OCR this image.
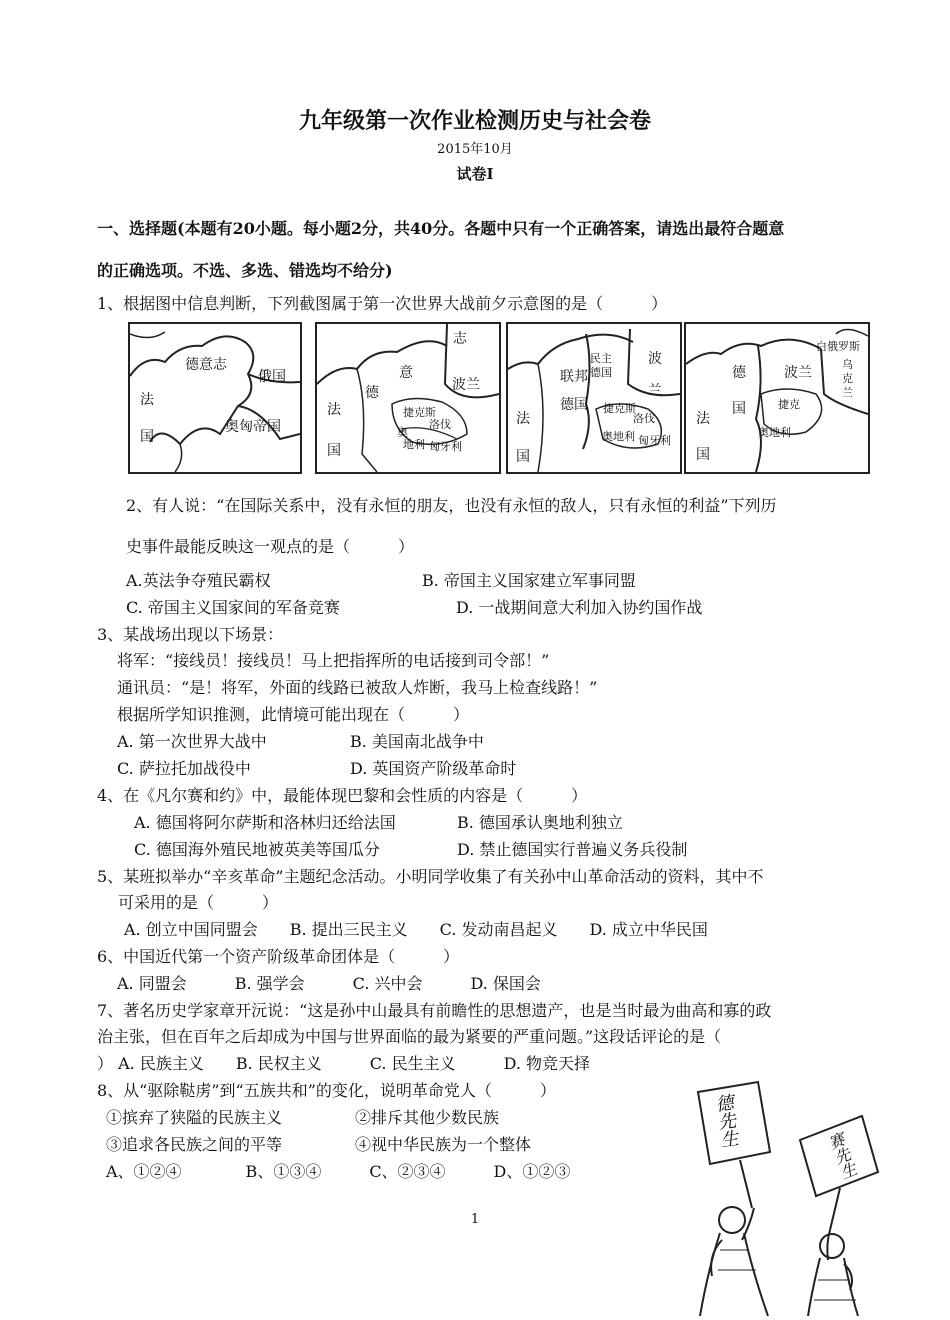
九年级第一次作业检测历史与社会卷
2015年10月
试卷I
一、选择题(本题有20小题。每小题2分，共40分。各题中只有一个正确答案，请选出最符合题意
的正确选项。不选、多选、错选均不给分)
1、根据图中信息判断，下列截图属于第一次世界大战前夕示意图的是（　　　）
德意志
俄国
法
国
奥匈帝国
志
意
德	波兰
法
国
捷克斯
洛伐
奥
地利 匈牙利
民主
德国
联邦
德国
波
兰
法
国
捷克斯
洛伐
奥地利 匈牙利
白俄罗斯
德
国
波兰
乌
克
兰
捷克
法
国
奥地利
2、有人说：“在国际关系中，没有永恒的朋友，也没有永恒的敌人，只有永恒的利益”下列历
史事件最能反映这一观点的是（　　　）
A.英法争夺殖民霸权	B. 帝国主义国家建立军事同盟
C. 帝国主义国家间的军备竞赛	D. 一战期间意大利加入协约国作战
3、某战场出现以下场景：
将军：“接线员！接线员！马上把指挥所的电话接到司令部！”
通讯员：“是！将军，外面的线路已被敌人炸断，我马上检查线路！”
根据所学知识推测，此情境可能出现在（　　　）
A. 第一次世界大战中	B. 美国南北战争中
C. 萨拉托加战役中	D. 英国资产阶级革命时
4、在《凡尔赛和约》中，最能体现巴黎和会性质的内容是（　　　）
A. 德国将阿尔萨斯和洛林归还给法国	B. 德国承认奥地利独立
C. 德国海外殖民地被英美等国瓜分	D. 禁止德国实行普遍义务兵役制
5、某班拟举办“辛亥革命”主题纪念活动。小明同学收集了有关孙中山革命活动的资料，其中不
可采用的是（　　　）
A. 创立中国同盟会　　B. 提出三民主义　　C. 发动南昌起义　　D. 成立中华民国
6、中国近代第一个资产阶级革命团体是（　　　）
A. 同盟会　　　B. 强学会　　　C. 兴中会　　　D. 保国会
7、著名历史学家章开沅说：“这是孙中山最具有前瞻性的思想遗产，也是当时最为曲高和寡的政
治主张，但在百年之后却成为中国与世界面临的最为紧要的严重问题。”这段话评论的是（
） A. 民族主义　　B. 民权主义　　　C. 民生主义　　　D. 物竞天择
8、从“驱除鞑虏”到“五族共和”的变化，说明革命党人（　　　）
①摈弃了狭隘的民族主义	②排斥其他少数民族
③追求各民族之间的平等	④视中华民族为一个整体
A、①②④　　　　B、①③④　　　C、②③④　　　D、①②③
德先生
赛先生
1
